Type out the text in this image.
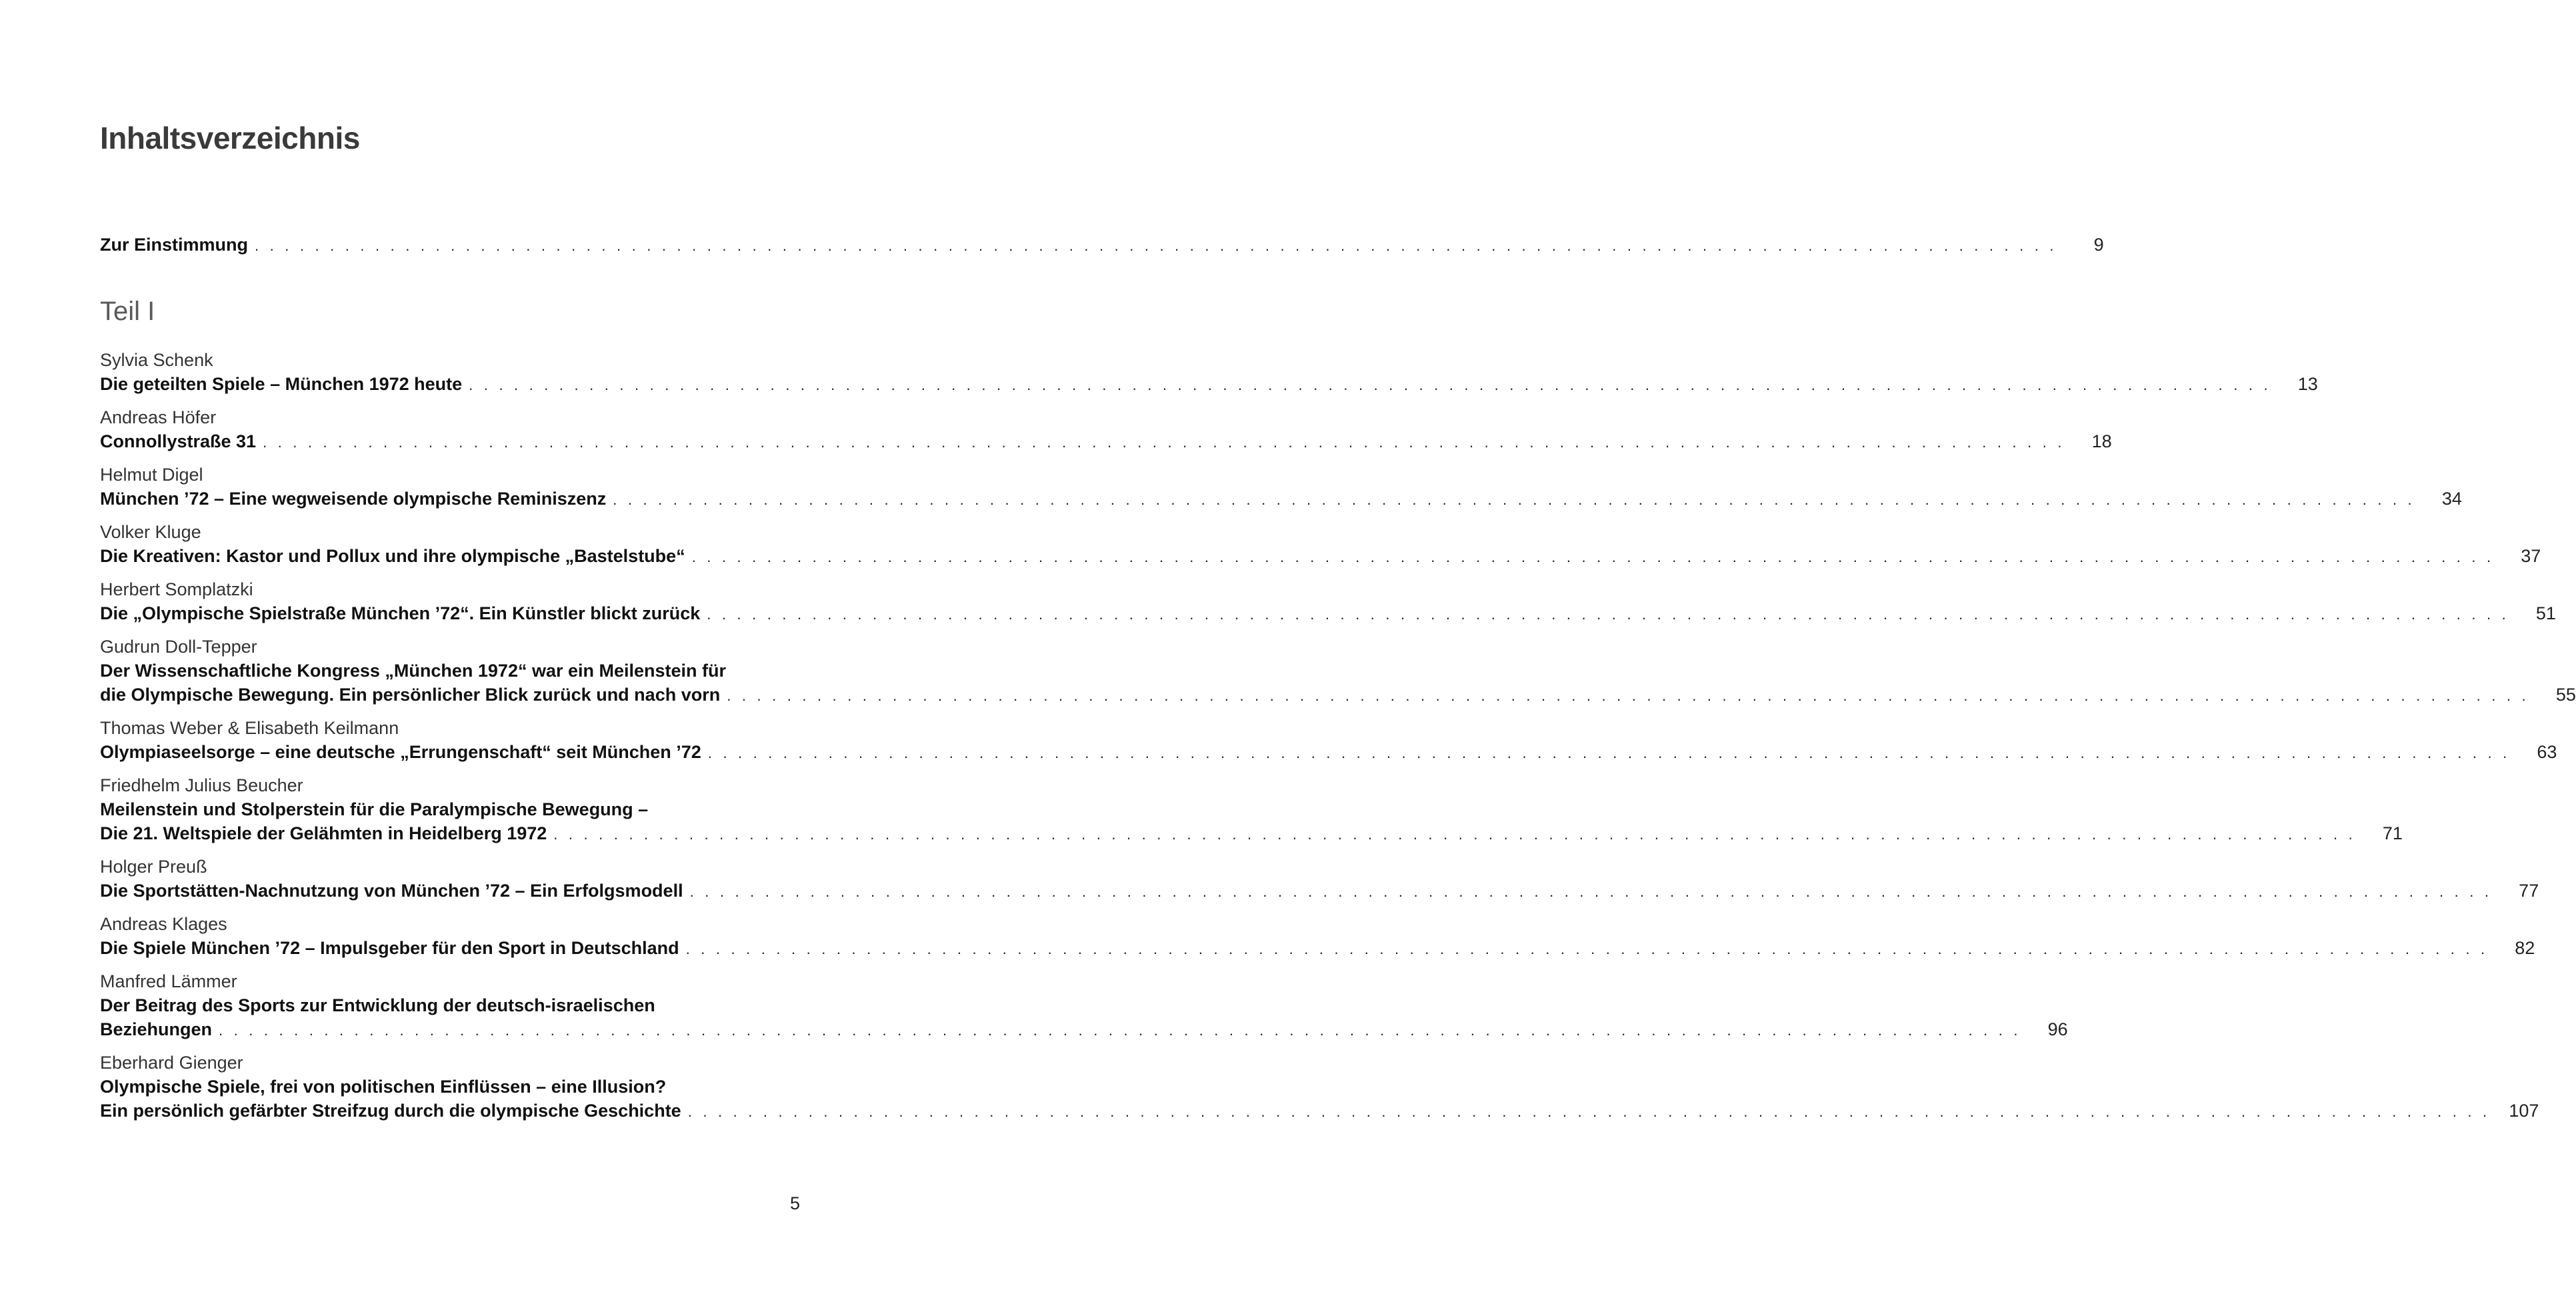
Inhaltsverzeichnis
Zur Einstimmung . . . . . . . . . . . . . . . . . . . . . . . . . . . . . . . . . . . . . . . . . . . . . . . . . . . . . . . . . . . . . . . . . . . . . . . . . . . . . . . . . . . . . . . . . . . . . . . . . . . . . . . . . . . . . . . . . . . . . . . .	9
Teil I
Sylvia Schenk
Die geteilten Spiele – München 1972 heute . . . . . . . . . . . . . . . . . . . . . . . . . . . . . . . . . . . . . . . . . . . . . . . . . . . . . . . . . . . . . . . . . . . . . . . . . . . . . . . . . . . . . . . . . . . . . . . . . . . . . . . . . . . . . . . . . . . . . . . .	13
Andreas Höfer
Connollystraße 31 . . . . . . . . . . . . . . . . . . . . . . . . . . . . . . . . . . . . . . . . . . . . . . . . . . . . . . . . . . . . . . . . . . . . . . . . . . . . . . . . . . . . . . . . . . . . . . . . . . . . . . . . . . . . . . . . . . . . . . . .	18
Helmut Digel
München ’72 – Eine wegweisende olympische Reminiszenz . . . . . . . . . . . . . . . . . . . . . . . . . . . . . . . . . . . . . . . . . . . . . . . . . . . . . . . . . . . . . . . . . . . . . . . . . . . . . . . . . . . . . . . . . . . . . . . . . . . . . . . . . . . . . . . . . . . . . . . .	34
Volker Kluge
Die Kreativen: Kastor und Pollux und ihre olympische „Bastelstube“ . . . . . . . . . . . . . . . . . . . . . . . . . . . . . . . . . . . . . . . . . . . . . . . . . . . . . . . . . . . . . . . . . . . . . . . . . . . . . . . . . . . . . . . . . . . . . . . . . . . . . . . . . . . . . . . . . . . . . . . .	37
Herbert Somplatzki
Die „Olympische Spielstraße München ’72“. Ein Künstler blickt zurück . . . . . . . . . . . . . . . . . . . . . . . . . . . . . . . . . . . . . . . . . . . . . . . . . . . . . . . . . . . . . . . . . . . . . . . . . . . . . . . . . . . . . . . . . . . . . . . . . . . . . . . . . . . . . . . . . . . . . . . .	51
Gudrun Doll-Tepper
Der Wissenschaftliche Kongress „München 1972“ war ein Meilenstein für
die Olympische Bewegung. Ein persönlicher Blick zurück und nach vorn . . . . . . . . . . . . . . . . . . . . . . . . . . . . . . . . . . . . . . . . . . . . . . . . . . . . . . . . . . . . . . . . . . . . . . . . . . . . . . . . . . . . . . . . . . . . . . . . . . . . . . . . . . . . . . . . . . . . . . . .	55
Thomas Weber & Elisabeth Keilmann
Olympiaseelsorge – eine deutsche „Errungenschaft“ seit München ’72 . . . . . . . . . . . . . . . . . . . . . . . . . . . . . . . . . . . . . . . . . . . . . . . . . . . . . . . . . . . . . . . . . . . . . . . . . . . . . . . . . . . . . . . . . . . . . . . . . . . . . . . . . . . . . . . . . . . . . . . .	63
Friedhelm Julius Beucher
Meilenstein und Stolperstein für die Paralympische Bewegung –
Die 21. Weltspiele der Gelähmten in Heidelberg 1972 . . . . . . . . . . . . . . . . . . . . . . . . . . . . . . . . . . . . . . . . . . . . . . . . . . . . . . . . . . . . . . . . . . . . . . . . . . . . . . . . . . . . . . . . . . . . . . . . . . . . . . . . . . . . . . . . . . . . . . . .	71
Holger Preuß
Die Sportstätten-Nachnutzung von München ’72 – Ein Erfolgsmodell . . . . . . . . . . . . . . . . . . . . . . . . . . . . . . . . . . . . . . . . . . . . . . . . . . . . . . . . . . . . . . . . . . . . . . . . . . . . . . . . . . . . . . . . . . . . . . . . . . . . . . . . . . . . . . . . . . . . . . . .	77
Andreas Klages
Die Spiele München ’72 – Impulsgeber für den Sport in Deutschland . . . . . . . . . . . . . . . . . . . . . . . . . . . . . . . . . . . . . . . . . . . . . . . . . . . . . . . . . . . . . . . . . . . . . . . . . . . . . . . . . . . . . . . . . . . . . . . . . . . . . . . . . . . . . . . . . . . . . . . .	82
Manfred Lämmer
Der Beitrag des Sports zur Entwicklung der deutsch-israelischen
Beziehungen . . . . . . . . . . . . . . . . . . . . . . . . . . . . . . . . . . . . . . . . . . . . . . . . . . . . . . . . . . . . . . . . . . . . . . . . . . . . . . . . . . . . . . . . . . . . . . . . . . . . . . . . . . . . . . . . . . . . . . . .	96
Eberhard Gienger
Olympische Spiele, frei von politischen Einflüssen – eine Illusion?
Ein persönlich gefärbter Streifzug durch die olympische Geschichte . . . . . . . . . . . . . . . . . . . . . . . . . . . . . . . . . . . . . . . . . . . . . . . . . . . . . . . . . . . . . . . . . . . . . . . . . . . . . . . . . . . . . . . . . . . . . . . . . . . . . . . . . . . . . . . . . . . . . . . . 107
5
